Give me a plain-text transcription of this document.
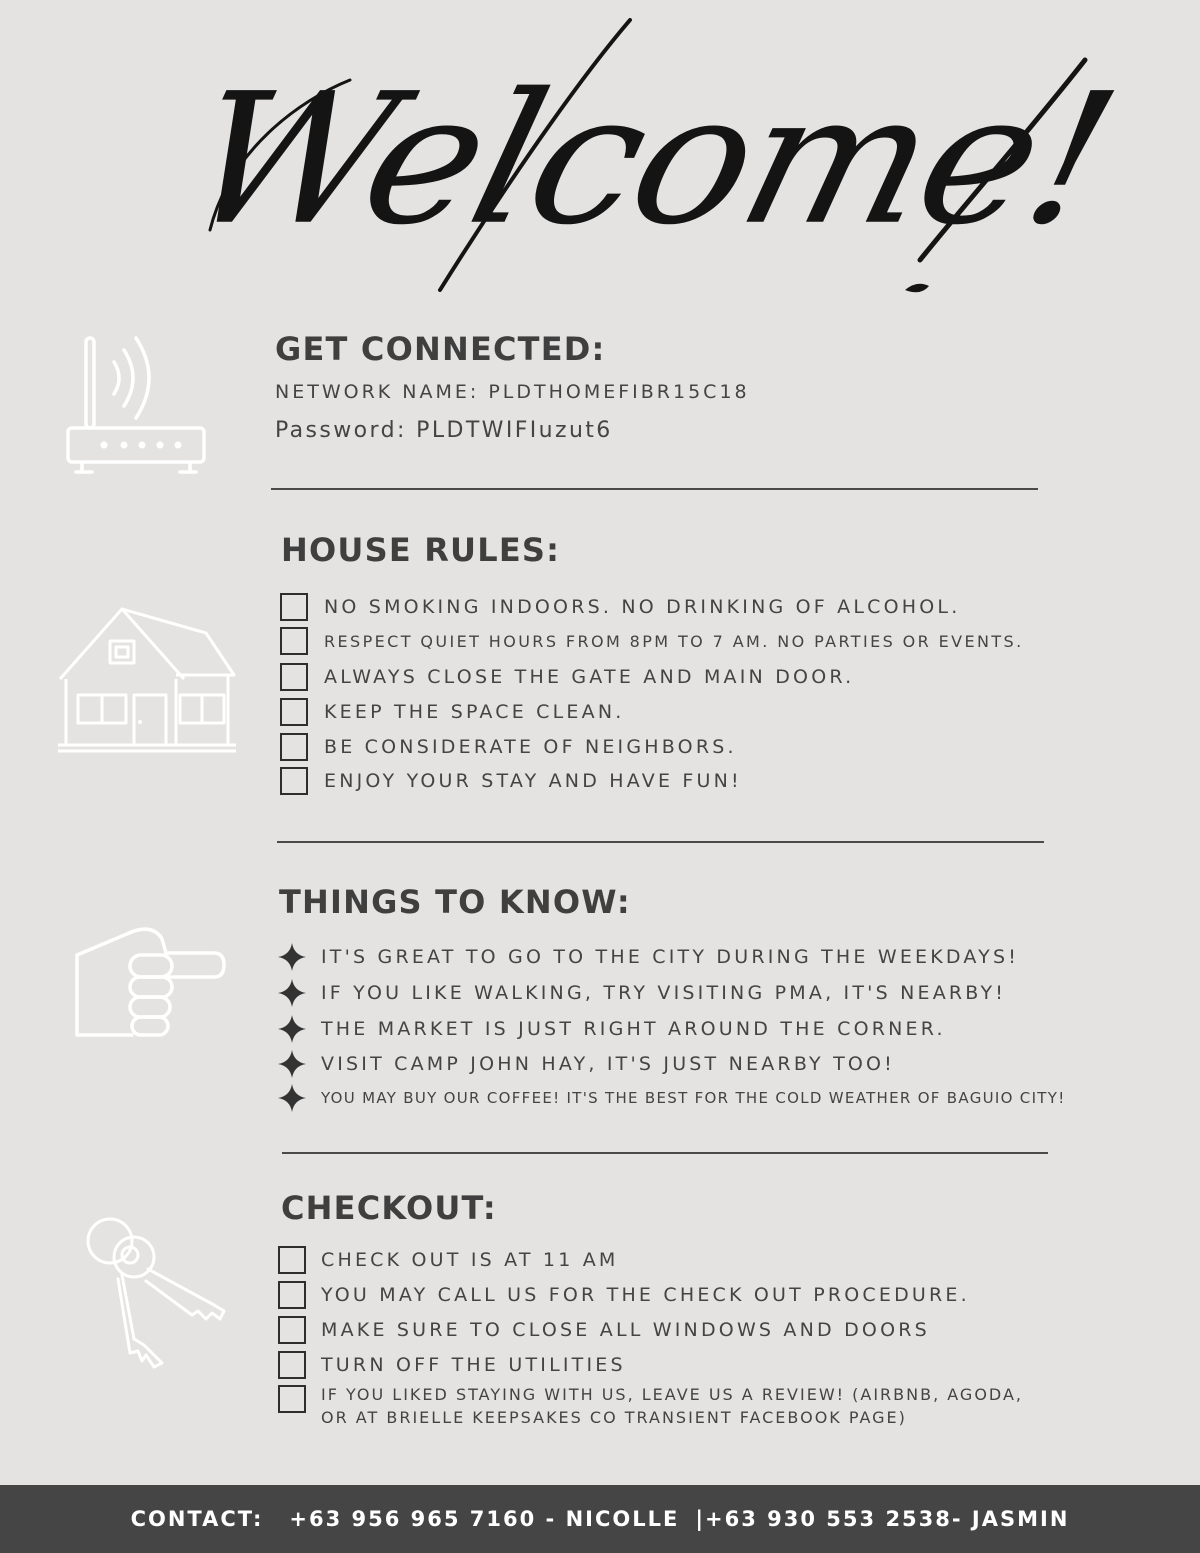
Welcome!
GET CONNECTED:
NETWORK NAME: PLDTHOMEFIBR15C18
Password: PLDTWIFIuzut6
HOUSE RULES:
NO SMOKING INDOORS. NO DRINKING OF ALCOHOL.
RESPECT QUIET HOURS FROM 8PM TO 7 AM. NO PARTIES OR EVENTS.
ALWAYS CLOSE THE GATE AND MAIN DOOR.
KEEP THE SPACE CLEAN.
BE CONSIDERATE OF NEIGHBORS.
ENJOY YOUR STAY AND HAVE FUN!
THINGS TO KNOW:
IT'S GREAT TO GO TO THE CITY DURING THE WEEKDAYS!
IF YOU LIKE WALKING, TRY VISITING PMA, IT'S NEARBY!
THE MARKET IS JUST RIGHT AROUND THE CORNER.
VISIT CAMP JOHN HAY, IT'S JUST NEARBY TOO!
YOU MAY BUY OUR COFFEE! IT'S THE BEST FOR THE COLD WEATHER OF BAGUIO CITY!
CHECKOUT:
CHECK OUT IS AT 11 AM
YOU MAY CALL US FOR THE CHECK OUT PROCEDURE.
MAKE SURE TO CLOSE ALL WINDOWS AND DOORS
TURN OFF THE UTILITIES
IF YOU LIKED STAYING WITH US, LEAVE US A REVIEW! (AIRBNB, AGODA,
OR AT BRIELLE KEEPSAKES CO TRANSIENT FACEBOOK PAGE)
CONTACT: +63 956 965 7160 - NICOLLE | +63 930 553 2538- JASMIN
